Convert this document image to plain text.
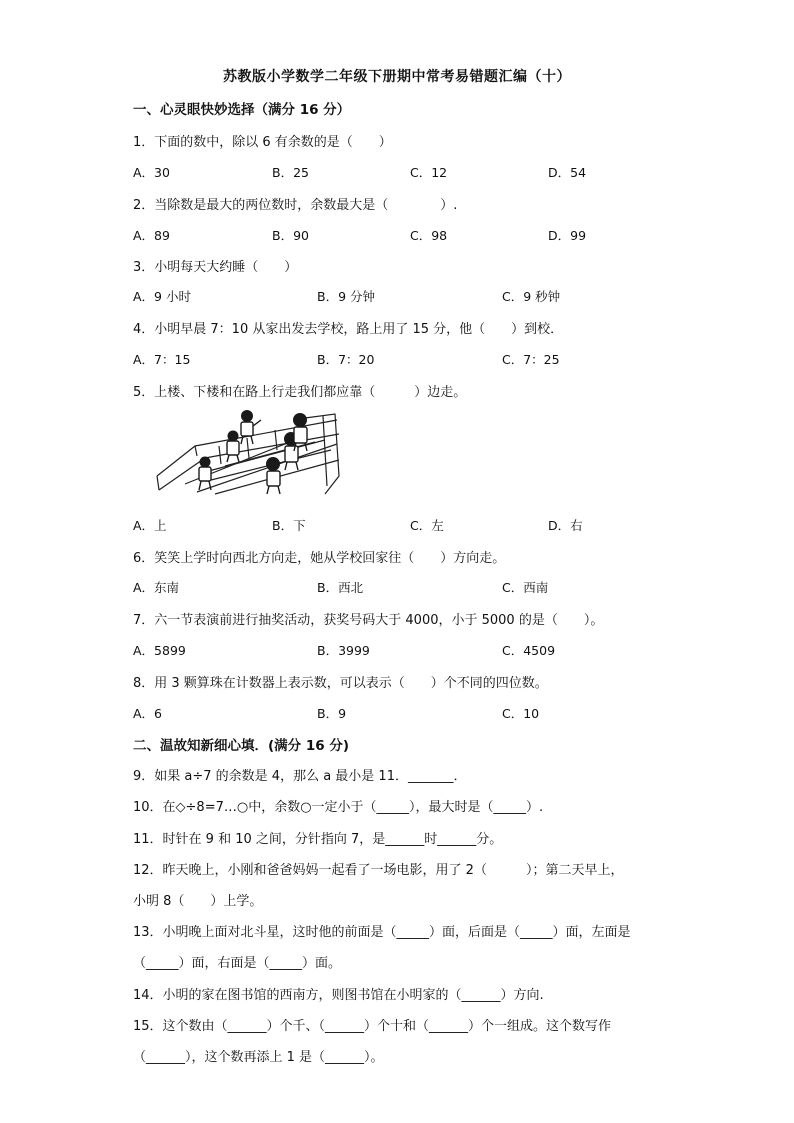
苏教版小学数学二年级下册期中常考易错题汇编（十）
一、心灵眼快妙选择（满分 16 分）
1．下面的数中，除以 6 有余数的是（　　）
A．30	B．25	C．12	D．54
2．当除数是最大的两位数时，余数最大是（　　　　）.
A．89	B．90	C．98	D．99
3．小明每天大约睡（　　）
A．9 小时	B．9 分钟	C．9 秒钟
4．小明早晨 7：10 从家出发去学校，路上用了 15 分，他（　　）到校．
A．7：15	B．7：20	C．7：25
5．上楼、下楼和在路上行走我们都应靠（　　　）边走。
A．上	B．下	C．左	D．右
6．笑笑上学时向西北方向走，她从学校回家往（　　）方向走。
A．东南	B．西北	C．西南
7．六一节表演前进行抽奖活动，获奖号码大于 4000，小于 5000 的是（　　）。
A．5899	B．3999	C．4509
8．用 3 颗算珠在计数器上表示数，可以表示（　　）个不同的四位数。
A．6	B．9	C．10
二、温故知新细心填．(满分 16 分)
9．如果 a÷7 的余数是 4，那么 a 最小是 11．_______．
10．在◇÷8=7…○中，余数○一定小于（_____），最大时是（_____）.
11．时针在 9 和 10 之间，分针指向 7，是______时______分。
12．昨天晚上，小刚和爸爸妈妈一起看了一场电影，用了 2（　　　）；第二天早上，
小明 8（　　）上学。
13．小明晚上面对北斗星，这时他的前面是（_____）面，后面是（_____）面，左面是
（_____）面，右面是（_____）面。
14．小明的家在图书馆的西南方，则图书馆在小明家的（______）方向.
15．这个数由（______）个千、（______）个十和（______）个一组成。这个数写作
（______），这个数再添上 1 是（______）。
